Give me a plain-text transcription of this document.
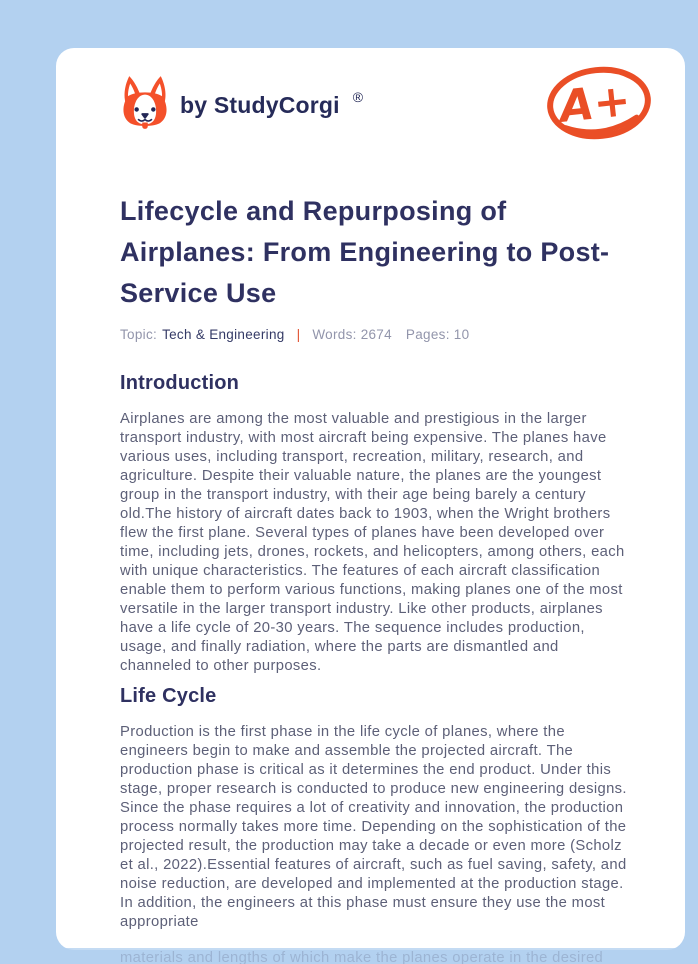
by StudyCorgi ®	A+
Lifecycle and Repurposing of Airplanes: From Engineering to Post-Service Use
Topic: Tech & Engineering | Words: 2674 Pages: 10
Introduction

Airplanes are among the most valuable and prestigious in the larger transport industry, with most aircraft being expensive. The planes have various uses, including transport, recreation, military, research, and agriculture. Despite their valuable nature, the planes are the youngest group in the transport industry, with their age being barely a century old.The history of aircraft dates back to 1903, when the Wright brothers flew the first plane. Several types of planes have been developed over time, including jets, drones, rockets, and helicopters, among others, each with unique characteristics. The features of each aircraft classification enable them to perform various functions, making planes one of the most versatile in the larger transport industry. Like other products, airplanes have a life cycle of 20-30 years. The sequence includes production, usage, and finally radiation, where the parts are dismantled and channeled to other purposes.

Life Cycle

Production is the first phase in the life cycle of planes, where the engineers begin to make and assemble the projected aircraft. The production phase is critical as it determines the end product. Under this stage, proper research is conducted to produce new engineering designs. Since the phase requires a lot of creativity and innovation, the production process normally takes more time. Depending on the sophistication of the projected result, the production may take a decade or even more (Scholz et al., 2022).Essential features of aircraft, such as fuel saving, safety, and noise reduction, are developed and implemented at the production stage. In addition, the engineers at this phase must ensure they use the most appropriate
